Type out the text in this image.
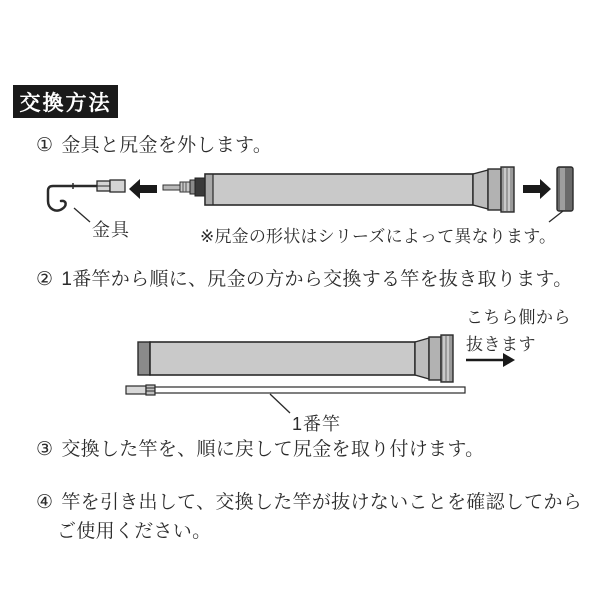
交換方法
① 金具と尻金を外します。
金具	※尻金の形状はシリーズによって異なります。
② 1番竿から順に、尻金の方から交換する竿を抜き取ります。
こちら側から
抜きます
1番竿
③ 交換した竿を、順に戻して尻金を取り付けます。
④ 竿を引き出して、交換した竿が抜けないことを確認してから
ご使用ください。
